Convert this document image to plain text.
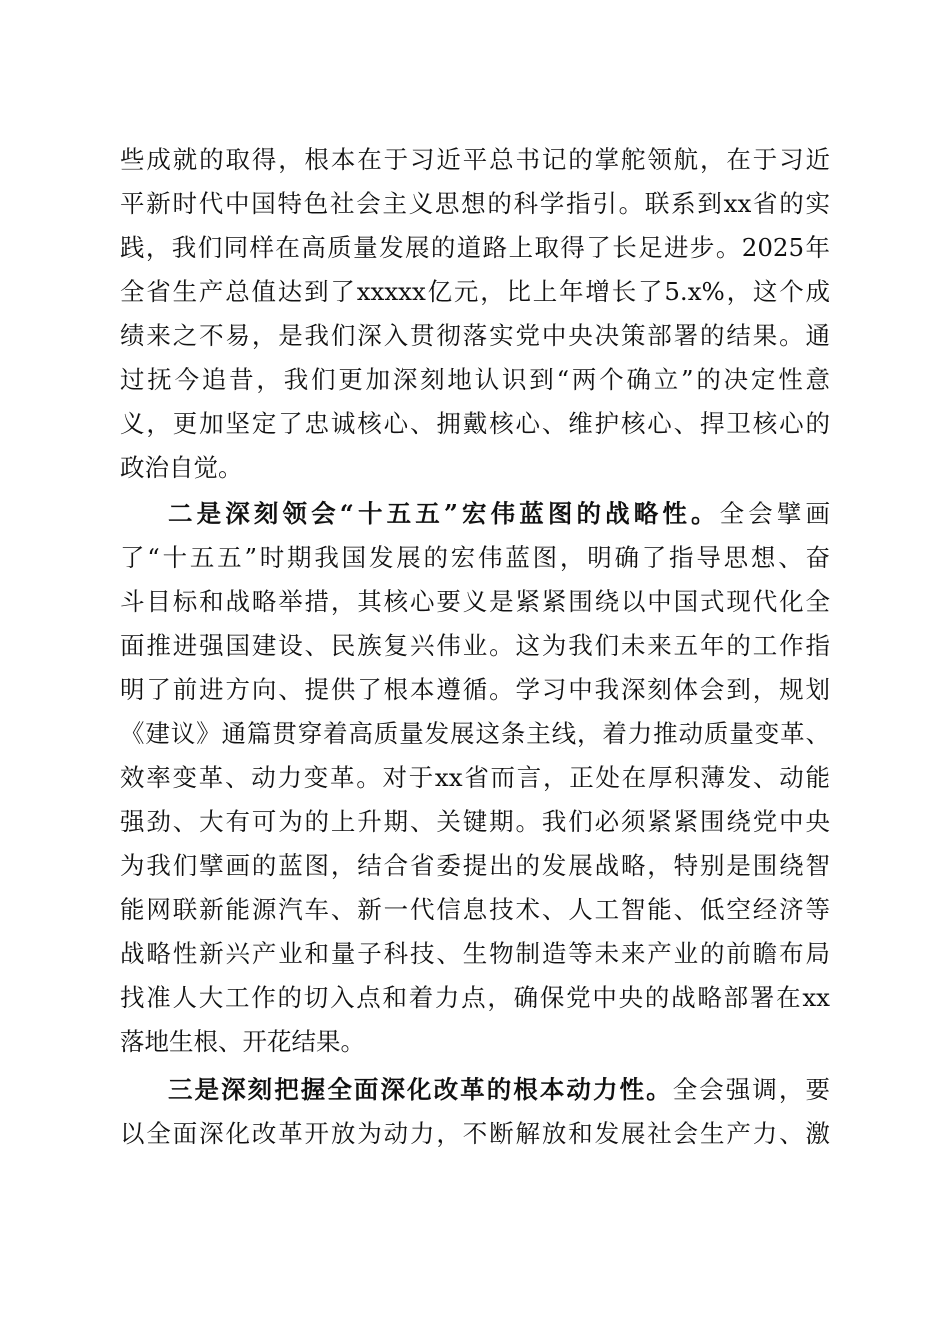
些成就的取得，根本在于习近平总书记的掌舵领航，在于习近
平新时代中国特色社会主义思想的科学指引。联系到xx省的实
践，我们同样在高质量发展的道路上取得了长足进步。2025年
全省生产总值达到了xxxxx亿元，比上年增长了5.x%，这个成
绩来之不易，是我们深入贯彻落实党中央决策部署的结果。通
过抚今追昔，我们更加深刻地认识到“两个确立”的决定性意
义，更加坚定了忠诚核心、拥戴核心、维护核心、捍卫核心的
政治自觉。
二是深刻领会“十五五”宏伟蓝图的战略性。全会擘画
了“十五五”时期我国发展的宏伟蓝图，明确了指导思想、奋
斗目标和战略举措，其核心要义是紧紧围绕以中国式现代化全
面推进强国建设、民族复兴伟业。这为我们未来五年的工作指
明了前进方向、提供了根本遵循。学习中我深刻体会到，规划
《建议》通篇贯穿着高质量发展这条主线，着力推动质量变革、
效率变革、动力变革。对于xx省而言，正处在厚积薄发、动能
强劲、大有可为的上升期、关键期。我们必须紧紧围绕党中央
为我们擘画的蓝图，结合省委提出的发展战略，特别是围绕智
能网联新能源汽车、新一代信息技术、人工智能、低空经济等
战略性新兴产业和量子科技、生物制造等未来产业的前瞻布局
找准人大工作的切入点和着力点，确保党中央的战略部署在xx
落地生根、开花结果。
三是深刻把握全面深化改革的根本动力性。全会强调，要
以全面深化改革开放为动力，不断解放和发展社会生产力、激
